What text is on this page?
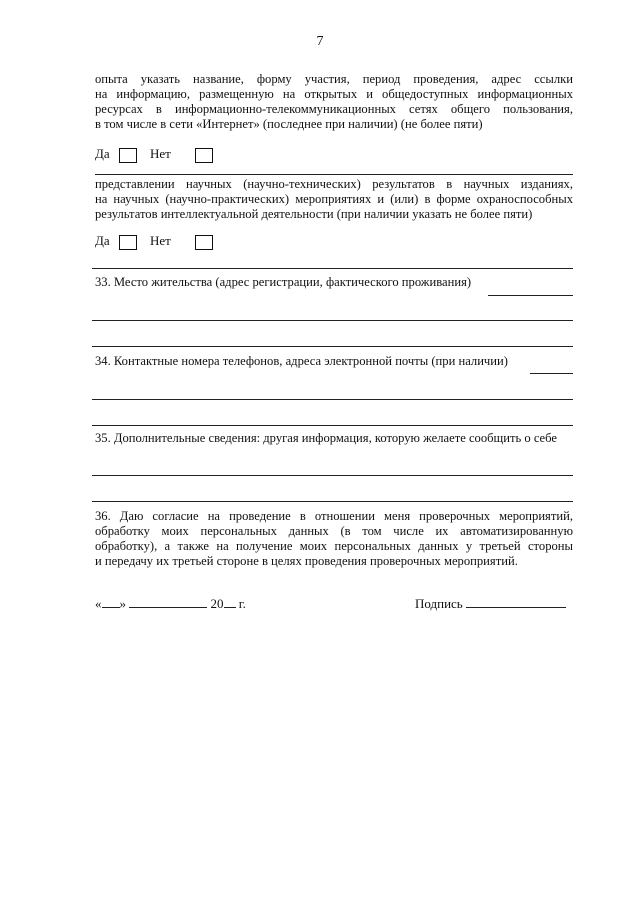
7
опыта указать название, форму участия, период проведения, адрес ссылки
на информацию, размещенную на открытых и общедоступных информационных
ресурсах в информационно-телекоммуникационных сетях общего пользования,
в том числе в сети «Интернет» (последнее при наличии) (не более пяти)
Да	Нет
представлении научных (научно-технических) результатов в научных изданиях,
на научных (научно-практических) мероприятиях и (или) в форме охраноспособных
результатов интеллектуальной деятельности (при наличии указать не более пяти)
Да	Нет
33. Место жительства (адрес регистрации, фактического проживания)
34. Контактные номера телефонов, адреса электронной почты (при наличии)
35. Дополнительные сведения: другая информация, которую желаете сообщить о себе
36. Даю согласие на проведение в отношении меня проверочных мероприятий,
обработку моих персональных данных (в том числе их автоматизированную
обработку), а также на получение моих персональных данных у третьей стороны
и передачу их третьей стороне в целях проведения проверочных мероприятий.
« »	20 г.	Подпись
